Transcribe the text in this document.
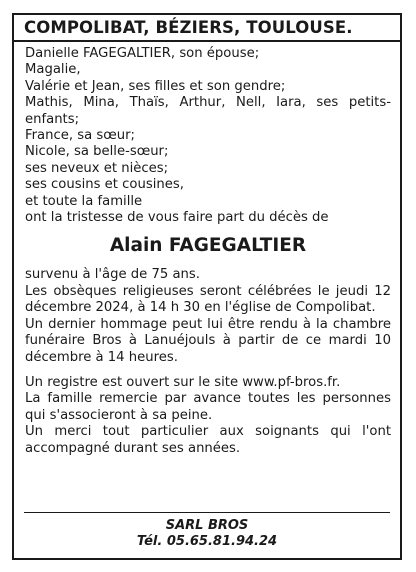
COMPOLIBAT, BÉZIERS, TOULOUSE.
Danielle FAGEGALTIER, son épouse;
Magalie,
Valérie et Jean, ses filles et son gendre;
Mathis, Mina, Thaïs, Arthur, Nell, Iara, ses petits-enfants;
France, sa sœur;
Nicole, sa belle-sœur;
ses neveux et nièces;
ses cousins et cousines,
et toute la famille
ont la tristesse de vous faire part du décès de
Alain FAGEGALTIER
survenu à l'âge de 75 ans.
Les obsèques religieuses seront célébrées le jeudi 12 décembre 2024, à 14 h 30 en l'église de Compolibat.
Un dernier hommage peut lui être rendu à la chambre funéraire Bros à Lanuéjouls à partir de ce mardi 10 décembre à 14 heures.
Un registre est ouvert sur le site www.pf-bros.fr.
La famille remercie par avance toutes les personnes qui s'associeront à sa peine.
Un merci tout particulier aux soignants qui l'ont accompagné durant ses années.
SARL BROS
Tél. 05.65.81.94.24
